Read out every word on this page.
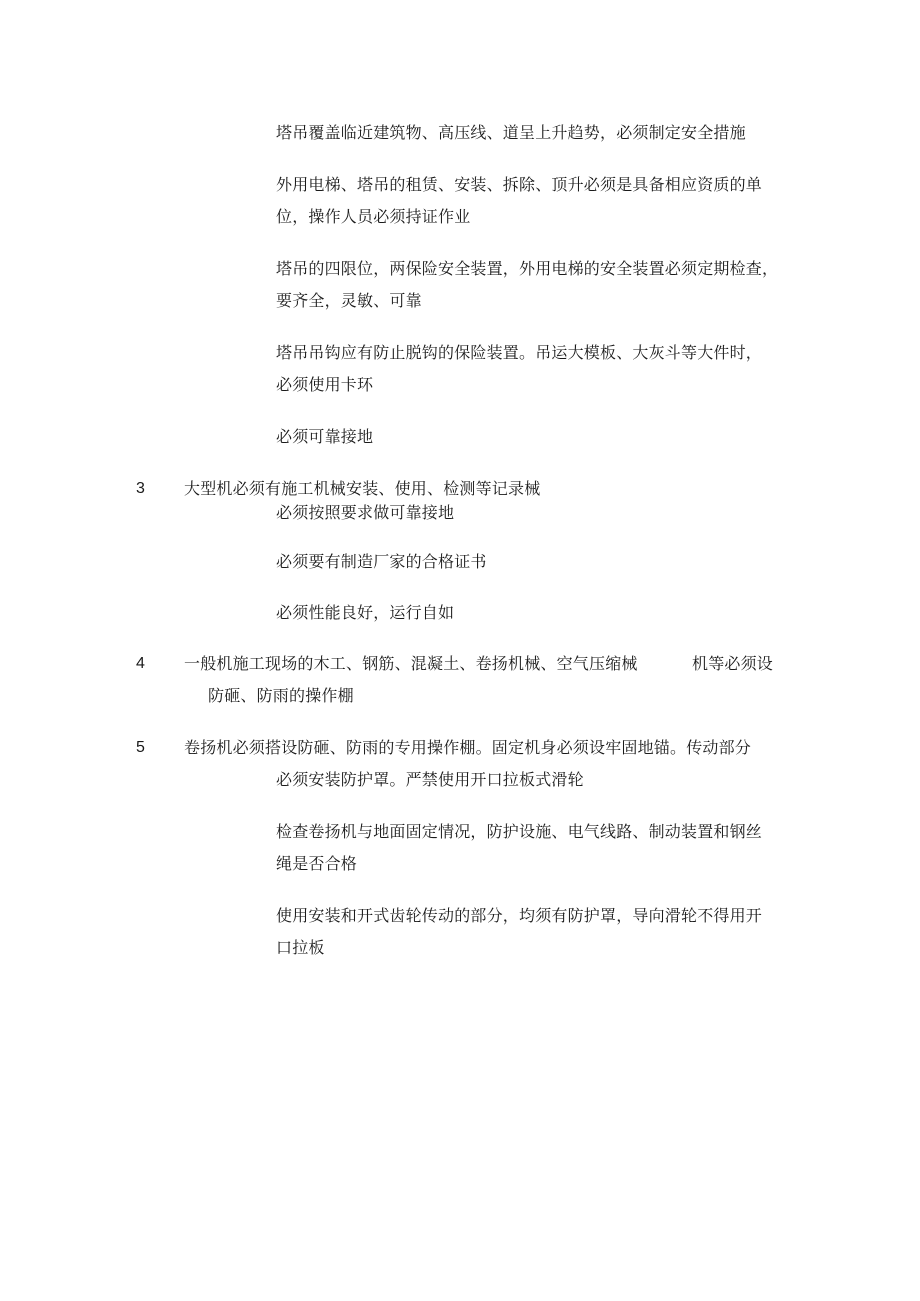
塔吊覆盖临近建筑物、高压线、道呈上升趋势，必须制定安全措施
外用电梯、塔吊的租赁、安装、拆除、顶升必须是具备相应资质的单
位，操作人员必须持证作业
塔吊的四限位，两保险安全装置，外用电梯的安全装置必须定期检查，
要齐全，灵敏、可靠
塔吊吊钩应有防止脱钩的保险装置。吊运大模板、大灰斗等大件时，
必须使用卡环
必须可靠接地
3 大型机必须有施工机械安装、使用、检测等记录械
必须按照要求做可靠接地
必须要有制造厂家的合格证书
必须性能良好，运行自如
4 一般机施工现场的木工、钢筋、混凝土、卷扬机械、空气压缩械	机等必须设
防砸、防雨的操作棚
5 卷扬机必须搭设防砸、防雨的专用操作棚。固定机身必须设牢固地锚。传动部分
必须安装防护罩。严禁使用开口拉板式滑轮
检查卷扬机与地面固定情况，防护设施、电气线路、制动装置和钢丝
绳是否合格
使用安装和开式齿轮传动的部分，均须有防护罩，导向滑轮不得用开
口拉板
